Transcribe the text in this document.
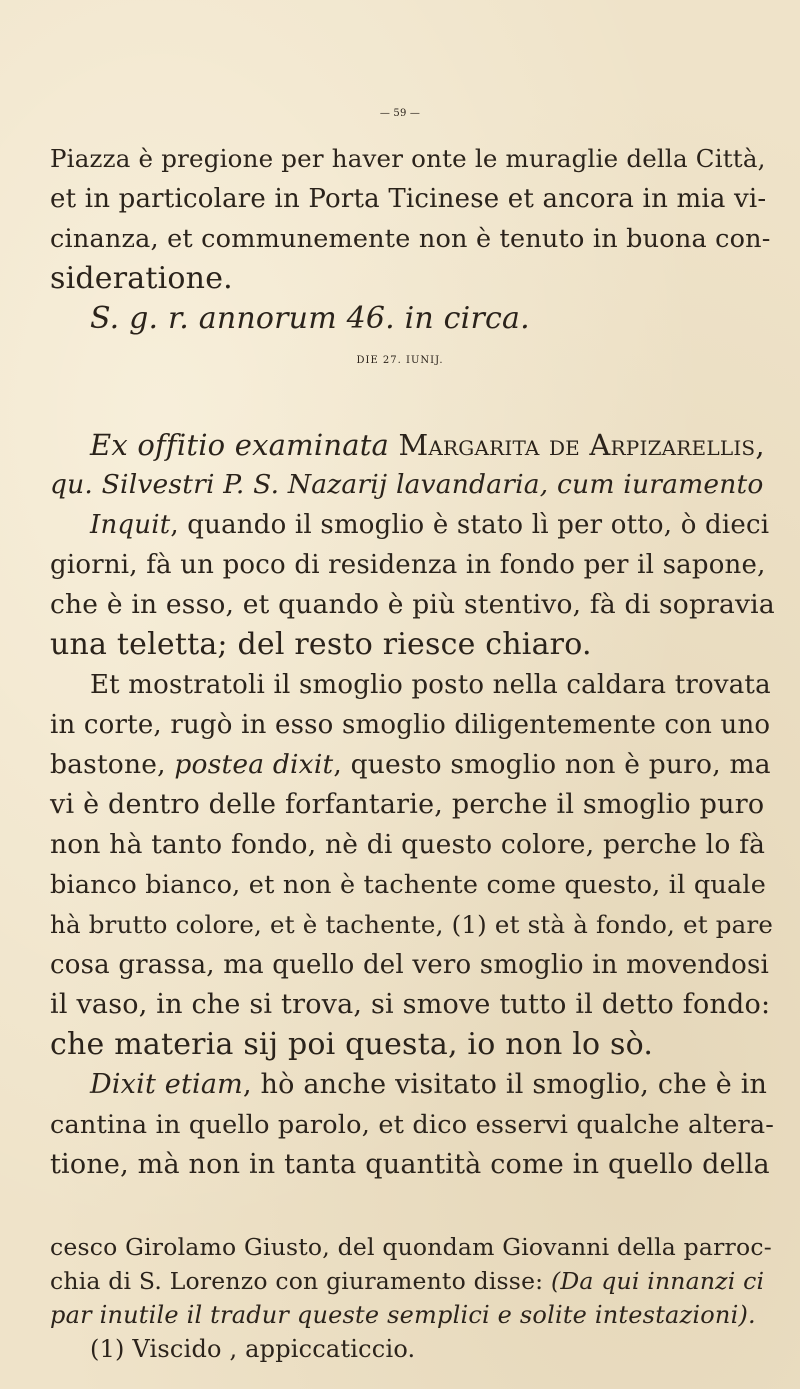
— 59 —
Piazza è pregione per haver onte le muraglie della Città,
et in particolare in Porta Ticinese et ancora in mia vi-
cinanza, et communemente non è tenuto in buona con-
sideratione.
S. g. r. annorum 46. in circa.
DIE 27. IUNIJ.
Ex offitio examinata Margarita de Arpizarellis,
qu. Silvestri P. S. Nazarij lavandaria, cum iuramento
Inquit, quando il smoglio è stato lì per otto, ò dieci
giorni, fà un poco di residenza in fondo per il sapone,
che è in esso, et quando è più stentivo, fà di sopravia
una teletta; del resto riesce chiaro.
Et mostratoli il smoglio posto nella caldara trovata
in corte, rugò in esso smoglio diligentemente con uno
bastone, postea dixit, questo smoglio non è puro, ma
vi è dentro delle forfantarie, perche il smoglio puro
non hà tanto fondo, nè di questo colore, perche lo fà
bianco bianco, et non è tachente come questo, il quale
hà brutto colore, et è tachente, (1) et stà à fondo, et pare
cosa grassa, ma quello del vero smoglio in movendosi
il vaso, in che si trova, si smove tutto il detto fondo:
che materia sij poi questa, io non lo sò.
Dixit etiam, hò anche visitato il smoglio, che è in
cantina in quello parolo, et dico esservi qualche altera-
tione, mà non in tanta quantità come in quello della
cesco Girolamo Giusto, del quondam Giovanni della parroc-
chia di S. Lorenzo con giuramento disse: (Da qui innanzi ci
par inutile il tradur queste semplici e solite intestazioni).
(1) Viscido , appiccaticcio.
